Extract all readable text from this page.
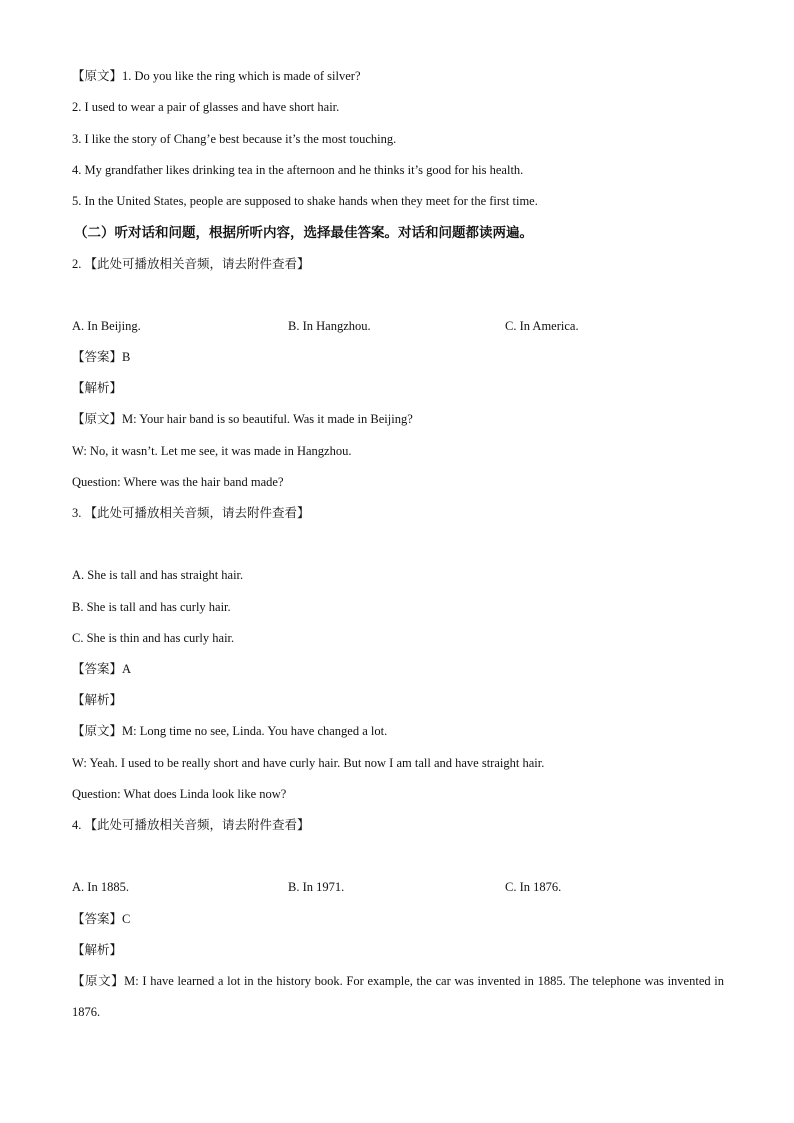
【原文】1. Do you like the ring which is made of silver?
2. I used to wear a pair of glasses and have short hair.
3. I like the story of Chang’e best because it’s the most touching.
4. My grandfather likes drinking tea in the afternoon and he thinks it’s good for his health.
5. In the United States, people are supposed to shake hands when they meet for the first time.
（二）听对话和问题，根据所听内容，选择最佳答案。对话和问题都读两遍。
2. 【此处可播放相关音频，请去附件查看】
A. In Beijing.	B. In Hangzhou.	C. In America.
【答案】B
【解析】
【原文】M: Your hair band is so beautiful. Was it made in Beijing?
W: No, it wasn’t. Let me see, it was made in Hangzhou.
Question: Where was the hair band made?
3. 【此处可播放相关音频，请去附件查看】
A. She is tall and has straight hair.
B. She is tall and has curly hair.
C. She is thin and has curly hair.
【答案】A
【解析】
【原文】M: Long time no see, Linda. You have changed a lot.
W: Yeah. I used to be really short and have curly hair. But now I am tall and have straight hair.
Question: What does Linda look like now?
4. 【此处可播放相关音频，请去附件查看】
A. In 1885.	B. In 1971.	C. In 1876.
【答案】C
【解析】
【原文】M: I have learned a lot in the history book. For example, the car was invented in 1885. The telephone was invented in 1876.
